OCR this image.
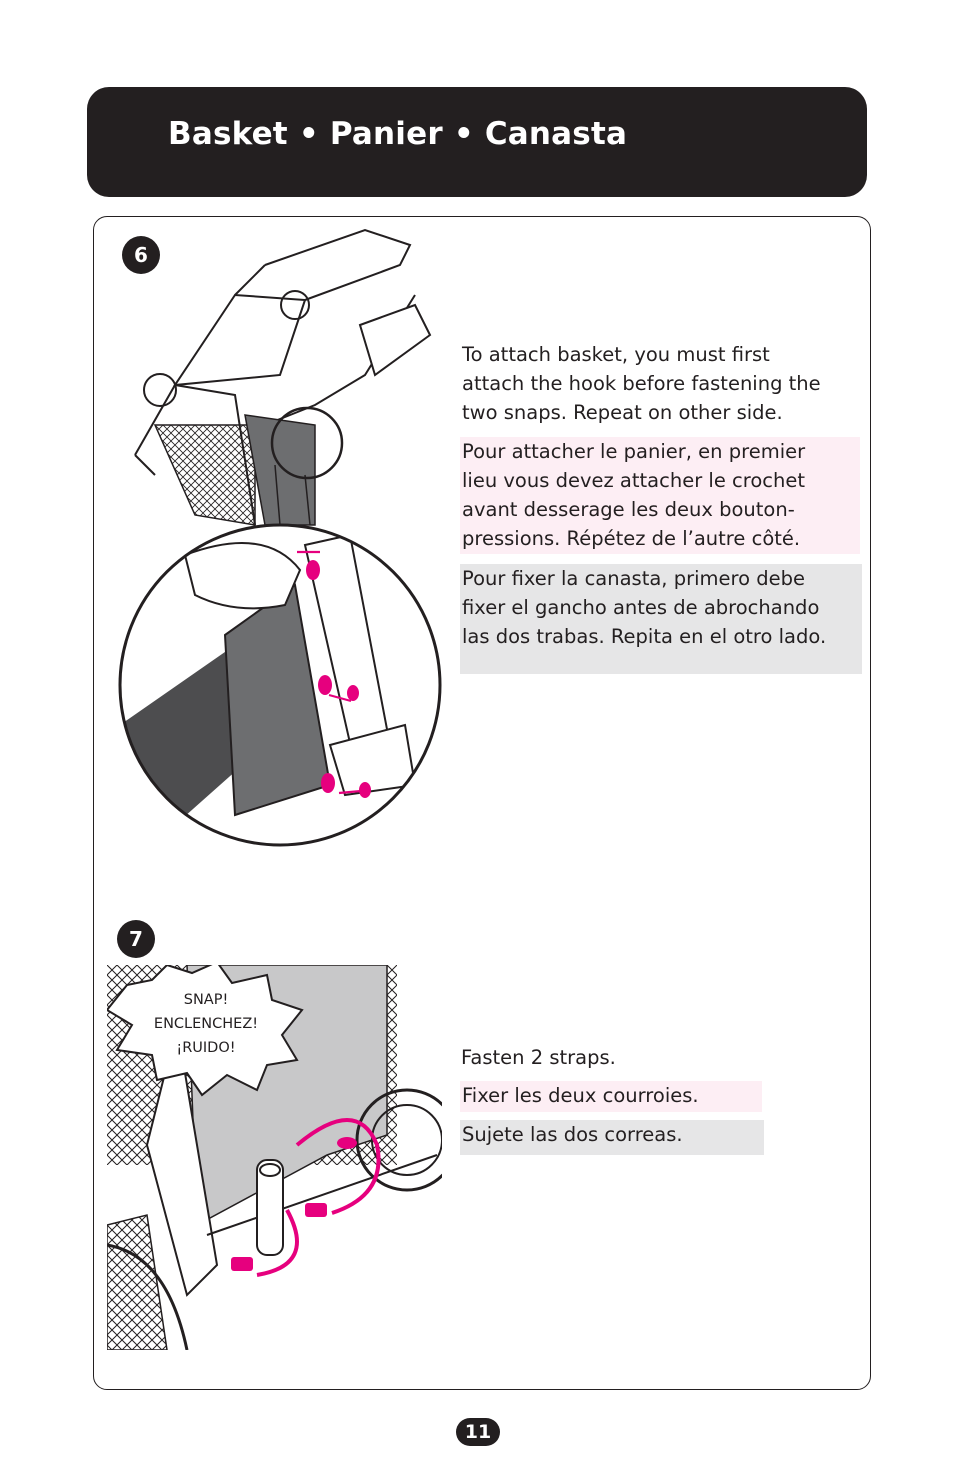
Basket • Panier • Canasta
6
To attach basket, you must first
attach the hook before fastening the
two snaps. Repeat on other side.
Pour attacher le panier, en premier
lieu vous devez attacher le crochet
avant desserage les deux bouton-
pressions. Répétez de l’autre côté.
Pour fixer la canasta, primero debe
fixer el gancho antes de abrochando
las dos trabas. Repita en el otro lado.
7
SNAP!
ENCLENCHEZ!
¡RUIDO!	Fasten 2 straps.
Fixer les deux courroies.
Sujete las dos correas.
11
